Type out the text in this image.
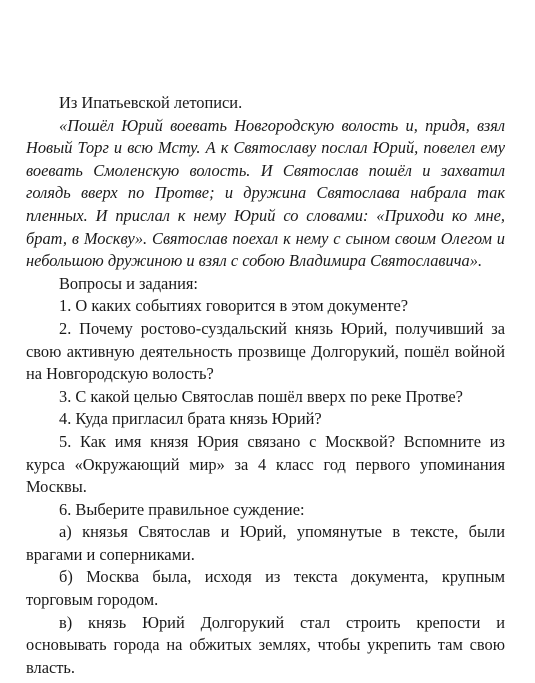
Из Ипатьевской летописи.

«Пошёл Юрий воевать Новгородскую волость и, придя, взял Новый Торг и всю Мсту. А к Святославу послал Юрий, повелел ему воевать Смоленскую волость. И Святослав пошёл и захватил голядь вверх по Протве; и дружина Святослава набрала так пленных. И прислал к нему Юрий со словами: «Приходи ко мне, брат, в Москву». Святослав поехал к нему с сыном своим Олегом и небольшою дружиною и взял с собою Владимира Святославича».

Вопросы и задания:

1. О каких событиях говорится в этом документе?

2. Почему ростово-суздальский князь Юрий, получивший за свою активную деятельность прозвище Долгорукий, пошёл войной на Новгородскую волость?

3. С какой целью Святослав пошёл вверх по реке Протве?

4. Куда пригласил брата князь Юрий?

5. Как имя князя Юрия связано с Москвой? Вспомните из курса «Окружающий мир» за 4 класс год первого упоминания Москвы.

6. Выберите правильное суждение:

а) князья Святослав и Юрий, упомянутые в тексте, были врагами и соперниками.

б) Москва была, исходя из текста документа, крупным торговым городом.

в) князь Юрий Долгорукий стал строить крепости и основывать города на обжитых землях, чтобы укрепить там свою власть.
